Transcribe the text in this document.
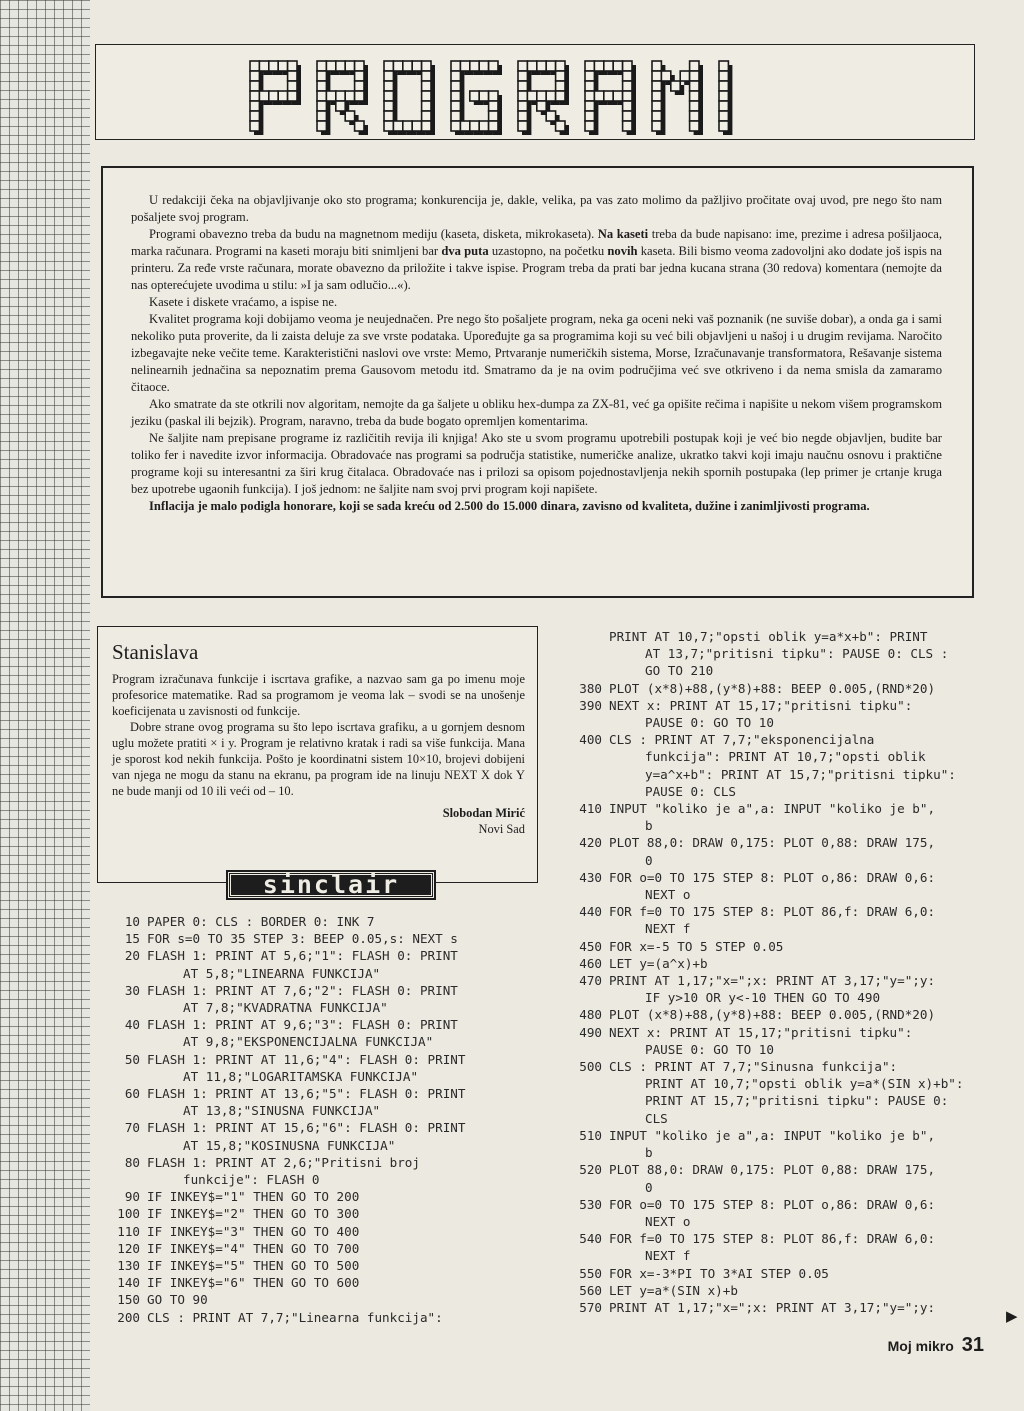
U redakciji čeka na objavljivanje oko sto programa; konkurencija je, dakle, velika, pa vas zato molimo da pažljivo pročitate ovaj uvod, pre nego što nam pošaljete svoj program.

Programi obavezno treba da budu na magnetnom mediju (kaseta, disketa, mikrokaseta). Na kaseti treba da bude napisano: ime, prezime i adresa pošiljaoca, marka računara. Programi na kaseti moraju biti snimljeni bar dva puta uzastopno, na početku novih kaseta. Bili bismo veoma zadovoljni ako dodate još ispis na printeru. Za ređe vrste računara, morate obavezno da priložite i takve ispise. Program treba da prati bar jedna kucana strana (30 redova) komentara (nemojte da nas opterećujete uvodima u stilu: »I ja sam odlučio...«).

Kasete i diskete vraćamo, a ispise ne.

Kvalitet programa koji dobijamo veoma je neujednačen. Pre nego što pošaljete program, neka ga oceni neki vaš poznanik (ne suviše dobar), a onda ga i sami nekoliko puta proverite, da li zaista deluje za sve vrste podataka. Upoređujte ga sa programima koji su već bili objavljeni u našoj i u drugim revijama. Naročito izbegavajte neke večite teme. Karakteristični naslovi ove vrste: Memo, Prtvaranje numeričkih sistema, Morse, Izračunavanje transformatora, Rešavanje sistema nelinearnih jednačina sa nepoznatim prema Gausovom metodu itd. Smatramo da je na ovim područjima već sve otkriveno i da nema smisla da zamaramo čitaoce.

Ako smatrate da ste otkrili nov algoritam, nemojte da ga šaljete u obliku hex-dumpa za ZX-81, već ga opišite rečima i napišite u nekom višem programskom jeziku (paskal ili bejzik). Program, naravno, treba da bude bogato opremljen komentarima.

Ne šaljite nam prepisane programe iz različitih revija ili knjiga! Ako ste u svom programu upotrebili postupak koji je već bio negde objavljen, budite bar toliko fer i navedite izvor informacija. Obradovaće nas programi sa područja statistike, numeričke analize, ukratko takvi koji imaju naučnu osnovu i praktične programe koji su interesantni za širi krug čitalaca. Obradovaće nas i prilozi sa opisom pojednostavljenja nekih spornih postupaka (lep primer je crtanje kruga bez upotrebe ugaonih funkcija). I još jednom: ne šaljite nam svoj prvi program koji napišete.

Inflacija je malo podigla honorare, koji se sada kreću od 2.500 do 15.000 dinara, zavisno od kvaliteta, dužine i zanimljivosti programa.

Stanislava

Program izračunava funkcije i iscrtava grafike, a nazvao sam ga po imenu moje profesorice matematike. Rad sa programom je veoma lak – svodi se na unošenje koeficijenata u zavisnosti od funkcije.

Dobre strane ovog programa su što lepo iscrtava grafiku, a u gornjem desnom uglu možete pratiti × i y. Program je relativno kratak i radi sa više funkcija. Mana je sporost kod nekih funkcija. Pošto je koordinatni sistem 10×10, brojevi dobijeni van njega ne mogu da stanu na ekranu, pa program ide na linuju NEXT X dok Y ne bude manji od 10 ili veći od – 10.

Slobodan Mirić
Novi Sad
sinclair
10 PAPER 0: CLS : BORDER 0: INK 7
15 FOR s=0 TO 35 STEP 3: BEEP 0.05,s: NEXT s
20 FLASH 1: PRINT AT 5,6;"1": FLASH 0: PRINT
AT 5,8;"LINEARNA FUNKCIJA"
30 FLASH 1: PRINT AT 7,6;"2": FLASH 0: PRINT
AT 7,8;"KVADRATNA FUNKCIJA"
40 FLASH 1: PRINT AT 9,6;"3": FLASH 0: PRINT
AT 9,8;"EKSPONENCIJALNA FUNKCIJA"
50 FLASH 1: PRINT AT 11,6;"4": FLASH 0: PRINT
AT 11,8;"LOGARITAMSKA FUNKCIJA"
60 FLASH 1: PRINT AT 13,6;"5": FLASH 0: PRINT
AT 13,8;"SINUSNA FUNKCIJA"
70 FLASH 1: PRINT AT 15,6;"6": FLASH 0: PRINT
AT 15,8;"KOSINUSNA FUNKCIJA"
80 FLASH 1: PRINT AT 2,6;"Pritisni broj
funkcije": FLASH 0
90 IF INKEY$="1" THEN GO TO 200
100 IF INKEY$="2" THEN GO TO 300
110 IF INKEY$="3" THEN GO TO 400
120 IF INKEY$="4" THEN GO TO 700
130 IF INKEY$="5" THEN GO TO 500
140 IF INKEY$="6" THEN GO TO 600
150 GO TO 90
200 CLS : PRINT AT 7,7;"Linearna funkcija":
PRINT AT 10,7;"opsti oblik y=a*x+b": PRINT
AT 13,7;"pritisni tipku": PAUSE 0: CLS :
GO TO 210
380 PLOT (x*8)+88,(y*8)+88: BEEP 0.005,(RND*20)
390 NEXT x: PRINT AT 15,17;"pritisni tipku":
PAUSE 0: GO TO 10
400 CLS : PRINT AT 7,7;"eksponencijalna
funkcija": PRINT AT 10,7;"opsti oblik
y=a^x+b": PRINT AT 15,7;"pritisni tipku":
PAUSE 0: CLS
410 INPUT "koliko je a",a: INPUT "koliko je b",
b
420 PLOT 88,0: DRAW 0,175: PLOT 0,88: DRAW 175,
0
430 FOR o=0 TO 175 STEP 8: PLOT o,86: DRAW 0,6:
NEXT o
440 FOR f=0 TO 175 STEP 8: PLOT 86,f: DRAW 6,0:
NEXT f
450 FOR x=-5 TO 5 STEP 0.05
460 LET y=(a^x)+b
470 PRINT AT 1,17;"x=";x: PRINT AT 3,17;"y=";y:
IF y>10 OR y<-10 THEN GO TO 490
480 PLOT (x*8)+88,(y*8)+88: BEEP 0.005,(RND*20)
490 NEXT x: PRINT AT 15,17;"pritisni tipku":
PAUSE 0: GO TO 10
500 CLS : PRINT AT 7,7;"Sinusna funkcija":
PRINT AT 10,7;"opsti oblik y=a*(SIN x)+b":
PRINT AT 15,7;"pritisni tipku": PAUSE 0:
CLS
510 INPUT "koliko je a",a: INPUT "koliko je b",
b
520 PLOT 88,0: DRAW 0,175: PLOT 0,88: DRAW 175,
0
530 FOR o=0 TO 175 STEP 8: PLOT o,86: DRAW 0,6:
NEXT o
540 FOR f=0 TO 175 STEP 8: PLOT 86,f: DRAW 6,0:
NEXT f
550 FOR x=-3*PI TO 3*AI STEP 0.05
560 LET y=a*(SIN x)+b
570 PRINT AT 1,17;"x=";x: PRINT AT 3,17;"y=";y:
▶
Moj mikro 31
